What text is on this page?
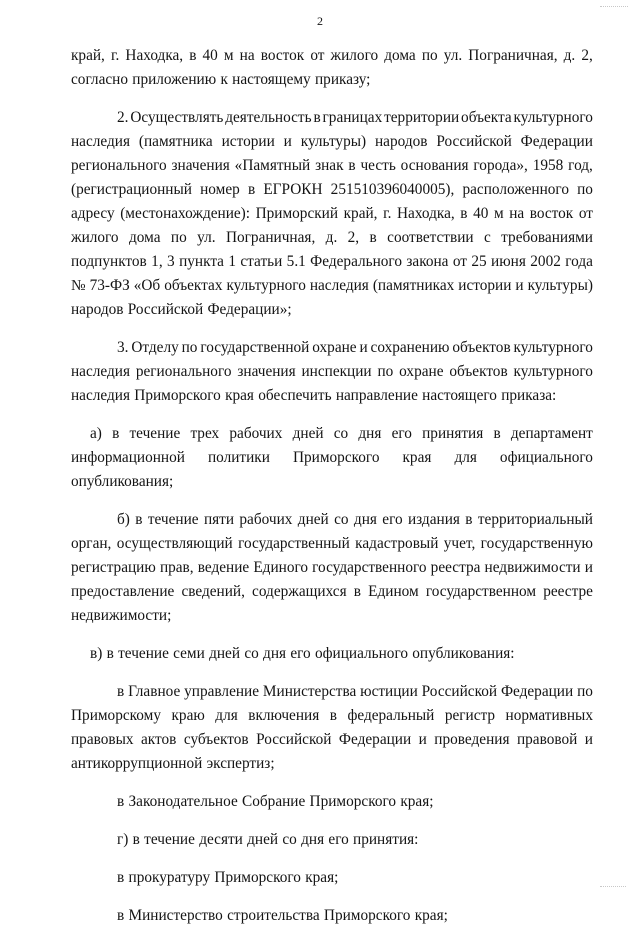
2
край, г. Находка, в 40 м на восток от жилого дома по ул. Пограничная, д. 2,
согласно приложению к настоящему приказу;
2. Осуществлять деятельность в границах территории объекта культурного
наследия (памятника истории и культуры) народов Российской Федерации
регионального значения «Памятный знак в честь основания города», 1958 год,
(регистрационный номер в ЕГРОКН 251510396040005), расположенного по
адресу (местонахождение): Приморский край, г. Находка, в 40 м на восток от
жилого дома по ул. Пограничная, д. 2, в соответствии с требованиями
подпунктов 1, 3 пункта 1 статьи 5.1 Федерального закона от 25 июня 2002 года
№ 73-ФЗ «Об объектах культурного наследия (памятниках истории и культуры)
народов Российской Федерации»;
3. Отделу по государственной охране и сохранению объектов культурного
наследия регионального значения инспекции по охране объектов культурного
наследия Приморского края обеспечить направление настоящего приказа:
а) в течение трех рабочих дней со дня его принятия в департамент
информационной политики Приморского края для официального
опубликования;
б) в течение пяти рабочих дней со дня его издания в территориальный
орган, осуществляющий государственный кадастровый учет, государственную
регистрацию прав, ведение Единого государственного реестра недвижимости и
предоставление сведений, содержащихся в Едином государственном реестре
недвижимости;
в) в течение семи дней со дня его официального опубликования:
в Главное управление Министерства юстиции Российской Федерации по
Приморскому краю для включения в федеральный регистр нормативных
правовых актов субъектов Российской Федерации и проведения правовой и
антикоррупционной экспертиз;
в Законодательное Собрание Приморского края;
г) в течение десяти дней со дня его принятия:
в прокуратуру Приморского края;
в Министерство строительства Приморского края;
